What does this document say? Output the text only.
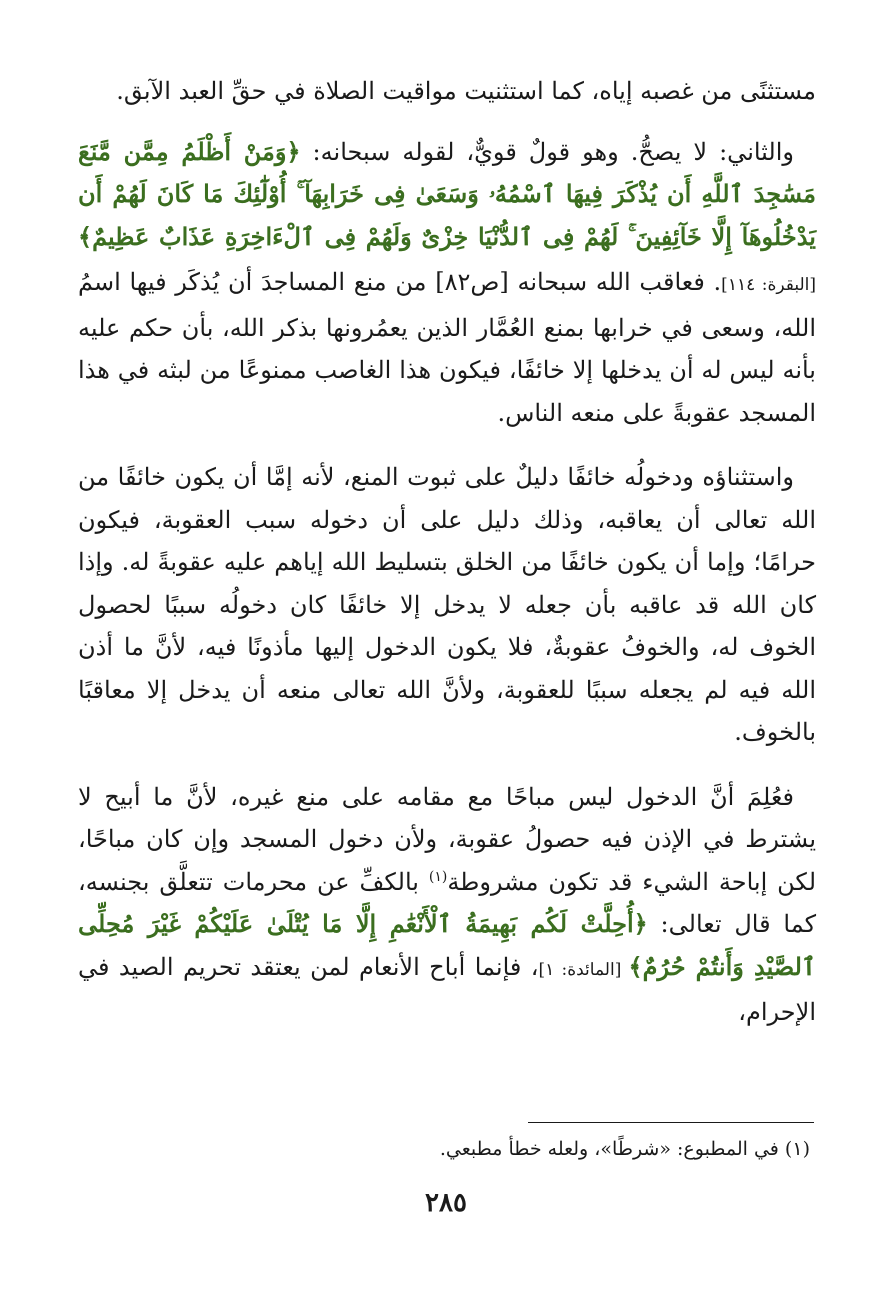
مستثنًى من غصبه إياه، كما استثنيت مواقيت الصلاة في حقِّ العبد الآبق.

والثاني: لا يصحُّ. وهو قولٌ قويٌّ، لقوله سبحانه: ﴿وَمَنْ أَظْلَمُ مِمَّن مَّنَعَ مَسَٰجِدَ ٱللَّهِ أَن يُذْكَرَ فِيهَا ٱسْمُهُۥ وَسَعَىٰ فِى خَرَابِهَآ ۚ أُوْلَٰٓئِكَ مَا كَانَ لَهُمْ أَن يَدْخُلُوهَآ إِلَّا خَآئِفِينَ ۚ لَهُمْ فِى ٱلدُّنْيَا خِزْىٌ وَلَهُمْ فِى ٱلْءَاخِرَةِ عَذَابٌ عَظِيمٌ﴾ [البقرة: ١١٤]. فعاقب الله سبحانه [ص٨٢] من منع المساجدَ أن يُذكَر فيها اسمُ الله، وسعى في خرابها بمنع العُمَّار الذين يعمُرونها بذكر الله، بأن حكم عليه بأنه ليس له أن يدخلها إلا خائفًا، فيكون هذا الغاصب ممنوعًا من لبثه في هذا المسجد عقوبةً على منعه الناس.

واستثناؤه ودخولُه خائفًا دليلٌ على ثبوت المنع، لأنه إمَّا أن يكون خائفًا من الله تعالى أن يعاقبه، وذلك دليل على أن دخوله سبب العقوبة، فيكون حرامًا؛ وإما أن يكون خائفًا من الخلق بتسليط الله إياهم عليه عقوبةً له. وإذا كان الله قد عاقبه بأن جعله لا يدخل إلا خائفًا كان دخولُه سببًا لحصول الخوف له، والخوفُ عقوبةٌ، فلا يكون الدخول إليها مأذونًا فيه، لأنَّ ما أذن الله فيه لم يجعله سببًا للعقوبة، ولأنَّ الله تعالى منعه أن يدخل إلا معاقبًا بالخوف.

فعُلِمَ أنَّ الدخول ليس مباحًا مع مقامه على منع غيره، لأنَّ ما أبيح لا يشترط في الإذن فيه حصولُ عقوبة، ولأن دخول المسجد وإن كان مباحًا، لكن إباحة الشيء قد تكون مشروطة$^{(١)}$ بالكفِّ عن محرمات تتعلَّق بجنسه، كما قال تعالى: ﴿أُحِلَّتْ لَكُم بَهِيمَةُ ٱلْأَنْعَٰمِ إِلَّا مَا يُتْلَىٰ عَلَيْكُمْ غَيْرَ مُحِلِّى ٱلصَّيْدِ وَأَنتُمْ حُرُمٌ﴾ [المائدة: ١]، فإنما أباح الأنعام لمن يعتقد تحريم الصيد في الإحرام،

(١) في المطبوع: «شرطًا»، ولعله خطأ مطبعي.
٢٨٥
